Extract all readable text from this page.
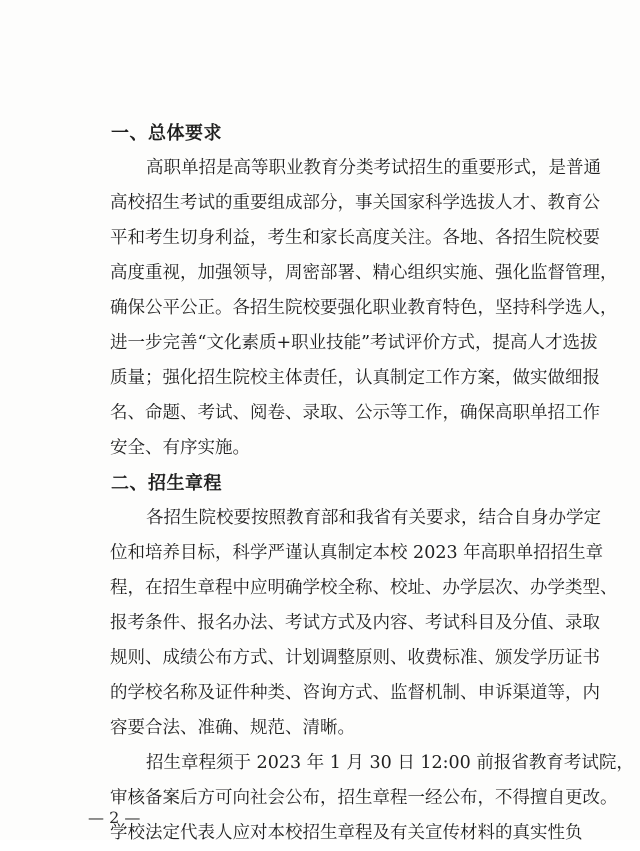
一、总体要求
高职单招是高等职业教育分类考试招生的重要形式，是普通
高校招生考试的重要组成部分，事关国家科学选拔人才、教育公
平和考生切身利益，考生和家长高度关注。各地、各招生院校要
高度重视，加强领导，周密部署、精心组织实施、强化监督管理，
确保公平公正。各招生院校要强化职业教育特色，坚持科学选人，
进一步完善“文化素质+职业技能”考试评价方式，提高人才选拔
质量；强化招生院校主体责任，认真制定工作方案，做实做细报
名、命题、考试、阅卷、录取、公示等工作，确保高职单招工作
安全、有序实施。
二、招生章程
各招生院校要按照教育部和我省有关要求，结合自身办学定
位和培养目标，科学严谨认真制定本校 2023 年高职单招招生章
程，在招生章程中应明确学校全称、校址、办学层次、办学类型、
报考条件、报名办法、考试方式及内容、考试科目及分值、录取
规则、成绩公布方式、计划调整原则、收费标准、颁发学历证书
的学校名称及证件种类、咨询方式、监督机制、申诉渠道等，内
容要合法、准确、规范、清晰。
招生章程须于 2023 年 1 月 30 日 12:00 前报省教育考试院，
审核备案后方可向社会公布，招生章程一经公布，不得擅自更改。
学校法定代表人应对本校招生章程及有关宣传材料的真实性负
— 2 —
